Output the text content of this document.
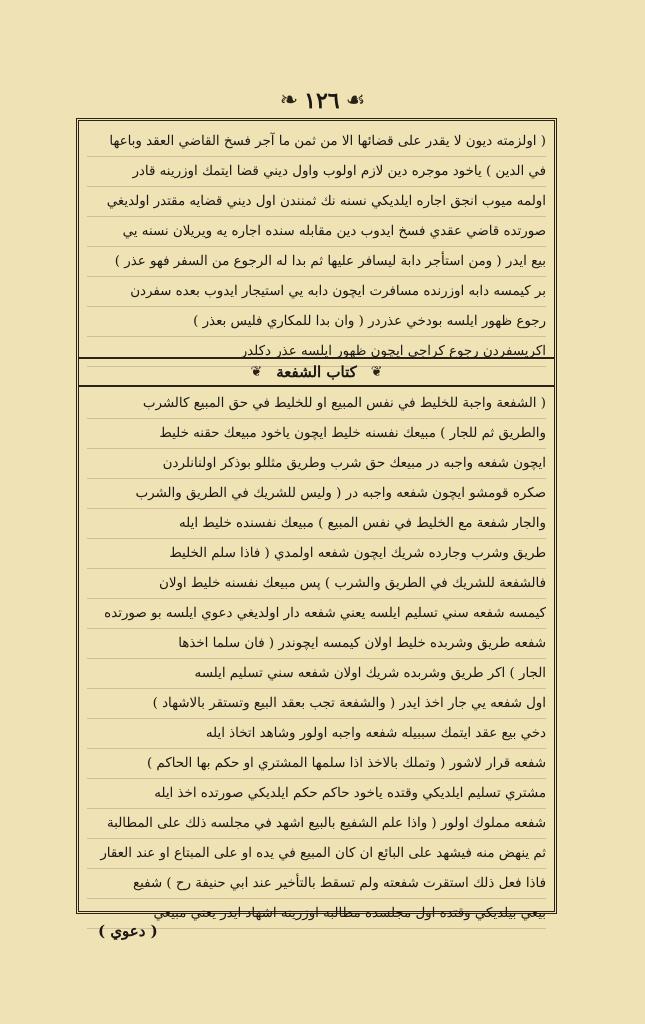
❧ ١٢٦ ☙
( اولزمته ديون لا يقدر على قضائها الا من ثمن ما آجر فسخ القاضي العقد وباعها
في الدين ) ياخود موجره دين لازم اولوب واول ديني قضا ايتمك اوزرينه قادر
اولمه ميوب انجق اجاره ايلديكي نسنه نك ثمنندن اول ديني قضايه مقتدر اولديغي
صورتده قاضي عقدي فسخ ايدوب دين مقابله سنده اجاره يه ويريلان نسنه يي
بيع ايدر ( ومن استأجر دابة ليسافر عليها ثم بدا له الرجوع من السفر فهو عذر )
بر كيمسه دابه اوزرنده مسافرت ايچون دابه يي استيجار ايدوب بعده سفردن
رجوع ظهور ايلسه بودخي عذردر ( وان بدا للمكاري فليس بعذر )
اكريسفردن رجوع كراجي ايچون ظهور ايلسه عذر دكلدر
❦
كتاب الشفعة
❦
( الشفعة واجبة للخليط في نفس المبيع او للخليط في حق المبيع كالشرب
والطريق ثم للجار ) مبيعك نفسنه خليط ايچون ياخود مبيعك حقنه خليط
ايچون شفعه واجبه در مبيعك حق شرب وطريق مثللو بوذكر اولنانلردن
صكره قومشو ايچون شفعه واجبه در ( وليس للشريك في الطريق والشرب
والجار شفعة مع الخليط في نفس المبيع ) مبيعك نفسنده خليط ايله
طريق وشرب وجارده شريك ايچون شفعه اولمدي ( فاذا سلم الخليط
فالشفعة للشريك في الطريق والشرب ) پس مبيعك نفسنه خليط اولان
كيمسه شفعه سني تسليم ايلسه يعني شفعه دار اولديغي دعوي ايلسه بو صورتده
شفعه طريق وشربده خليط اولان كيمسه ايچوندر ( فان سلما اخذها
الجار ) اكر طريق وشربده شريك اولان شفعه سني تسليم ايلسه
اول شفعه يي جار اخذ ايدر ( والشفعة تجب بعقد البيع وتستقر بالاشهاد )
دخي بيع عقد ايتمك سببيله شفعه واجبه اولور وشاهد اتخاذ ايله
شفعه قرار لاشور ( وتملك بالاخذ اذا سلمها المشتري او حكم بها الحاكم )
مشتري تسليم ايلديكي وقتده ياخود حاكم حكم ايلديكي صورتده اخذ ايله
شفعه مملوك اولور ( واذا علم الشفيع بالبيع اشهد في مجلسه ذلك على المطالبة
ثم ينهض منه فيشهد على البائع ان كان المبيع في يده او على المبتاع او عند العقار
فاذا فعل ذلك استقرت شفعته ولم تسقط بالتأخير عند ابي حنيفة رح ) شفيع
بيعي بيلديكي وقتده اول مجلسده مطالبه اوزرينه اشهاد ايدر يعني مبيعي
( دعوي )
